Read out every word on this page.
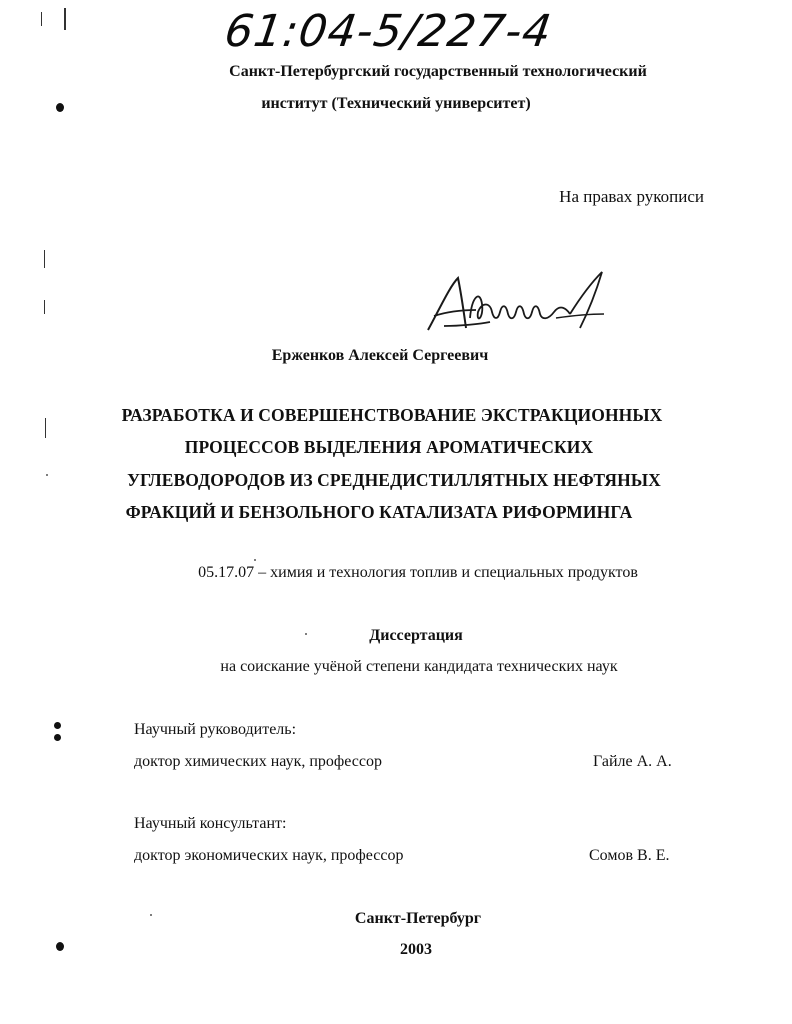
61:04-5/227-4
Санкт-Петербургский государственный технологический
институт (Технический университет)
На правах рукописи
Ерженков Алексей Сергеевич
РАЗРАБОТКА И СОВЕРШЕНСТВОВАНИЕ ЭКСТРАКЦИОННЫХ
ПРОЦЕССОВ ВЫДЕЛЕНИЯ АРОМАТИЧЕСКИХ
УГЛЕВОДОРОДОВ ИЗ СРЕДНЕДИСТИЛЛЯТНЫХ НЕФТЯНЫХ
ФРАКЦИЙ И БЕНЗОЛЬНОГО КАТАЛИЗАТА РИФОРМИНГА
05.17.07 – химия и технология топлив и специальных продуктов
Диссертация
на соискание учёной степени кандидата технических наук
Научный руководитель:
доктор химических наук, профессор	Гайле А. А.
Научный консультант:
доктор экономических наук, профессор	Сомов В. Е.
Санкт-Петербург
2003
